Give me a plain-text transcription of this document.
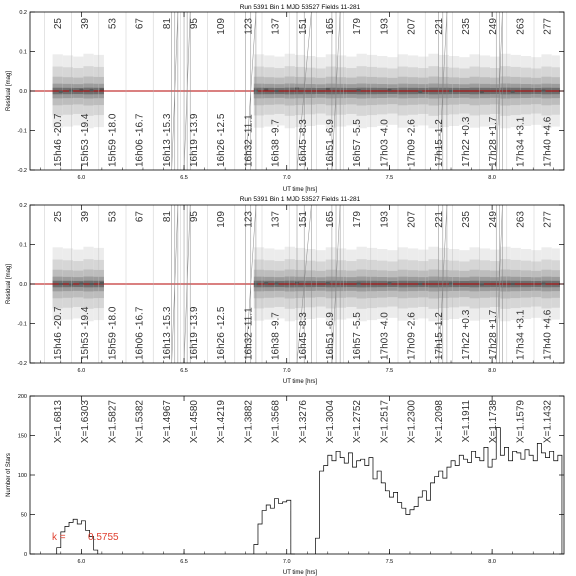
Run 5391 Bin 1 MJD 53527 Fields 11-281
25
15h46 -20.7
39
15h53 -19.4
53
15h59 -18.0
67
16h06 -16.7
81
16h13 -15.3
95
16h19 -13.9
109
16h26 -12.5
123
16h32 -11.1
137
16h38 -9.7
151
16h45 -8.3
165
16h51 -6.9
179
16h57 -5.5
193
17h03 -4.0
207
17h09 -2.6
221
17h15 -1.2
235
17h22 +0.3
249
17h28 +1.7
263
17h34 +3.1
277
17h40 +4.6
6.0	6.5	7.0	7.5	8.0
-0.2
-0.1
0.0
0.1
0.2
UT time [hrs]
Residual [mag]
Run 5391 Bin 1 MJD 53527 Fields 11-281
25
15h46 -20.7
39
15h53 -19.4
53
15h59 -18.0
67
16h06 -16.7
81
16h13 -15.3
95
16h19 -13.9
109
16h26 -12.5
123
16h32 -11.1
137
16h38 -9.7
151
16h45 -8.3
165
16h51 -6.9
179
16h57 -5.5
193
17h03 -4.0
207
17h09 -2.6
221
17h15 -1.2
235
17h22 +0.3
249
17h28 +1.7
263
17h34 +3.1
277
17h40 +4.6
6.0	6.5	7.0	7.5	8.0
-0.2
-0.1
0.0
0.1
0.2
UT time [hrs]
Residual [mag]
X=1.6813 X=1.6303 X=1.5827 X=1.5382 X=1.4967 X=1.4580 X=1.4219 X=1.3882 X=1.3568 X=1.3276 X=1.3004 X=1.2752 X=1.2517 X=1.2300 X=1.2098 X=1.1911 X=1.1738 X=1.1579 X=1.1432
6.0	6.5	7.0	7.5	8.0
0
50
100
150
200
k = 0.5755
UT time [hrs]
Number of Stars
